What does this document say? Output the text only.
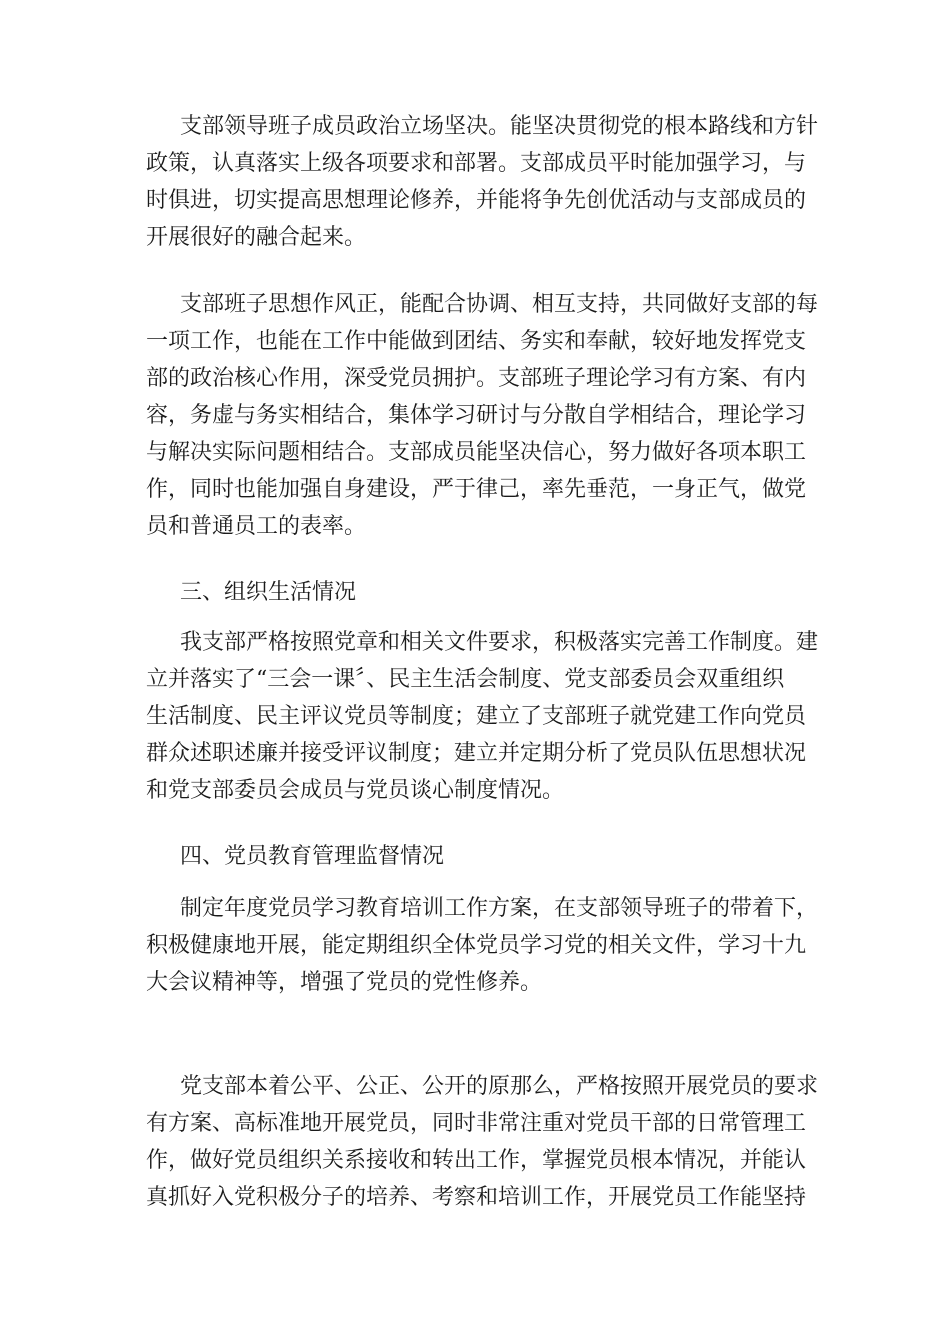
支部领导班子成员政治立场坚决。能坚决贯彻党的根本路线和方针
政策，认真落实上级各项要求和部署。支部成员平时能加强学习，与
时俱进，切实提高思想理论修养，并能将争先创优活动与支部成员的
开展很好的融合起来。
支部班子思想作风正，能配合协调、相互支持，共同做好支部的每
一项工作，也能在工作中能做到团结、务实和奉献，较好地发挥党支
部的政治核心作用，深受党员拥护。支部班子理论学习有方案、有内
容，务虚与务实相结合，集体学习研讨与分散自学相结合，理论学习
与解决实际问题相结合。支部成员能坚决信心，努力做好各项本职工
作，同时也能加强自身建设，严于律己，率先垂范，一身正气，做党
员和普通员工的表率。
三、组织生活情况
我支部严格按照党章和相关文件要求，积极落实完善工作制度。建
立并落实了“三会一课〞、民主生活会制度、党支部委员会双重组织
生活制度、民主评议党员等制度；建立了支部班子就党建工作向党员
群众述职述廉并接受评议制度；建立并定期分析了党员队伍思想状况
和党支部委员会成员与党员谈心制度情况。
四、党员教育管理监督情况
制定年度党员学习教育培训工作方案，在支部领导班子的带着下，
积极健康地开展，能定期组织全体党员学习党的相关文件，学习十九
大会议精神等，增强了党员的党性修养。
党支部本着公平、公正、公开的原那么，严格按照开展党员的要求
有方案、高标准地开展党员，同时非常注重对党员干部的日常管理工
作，做好党员组织关系接收和转出工作，掌握党员根本情况，并能认
真抓好入党积极分子的培养、考察和培训工作，开展党员工作能坚持
